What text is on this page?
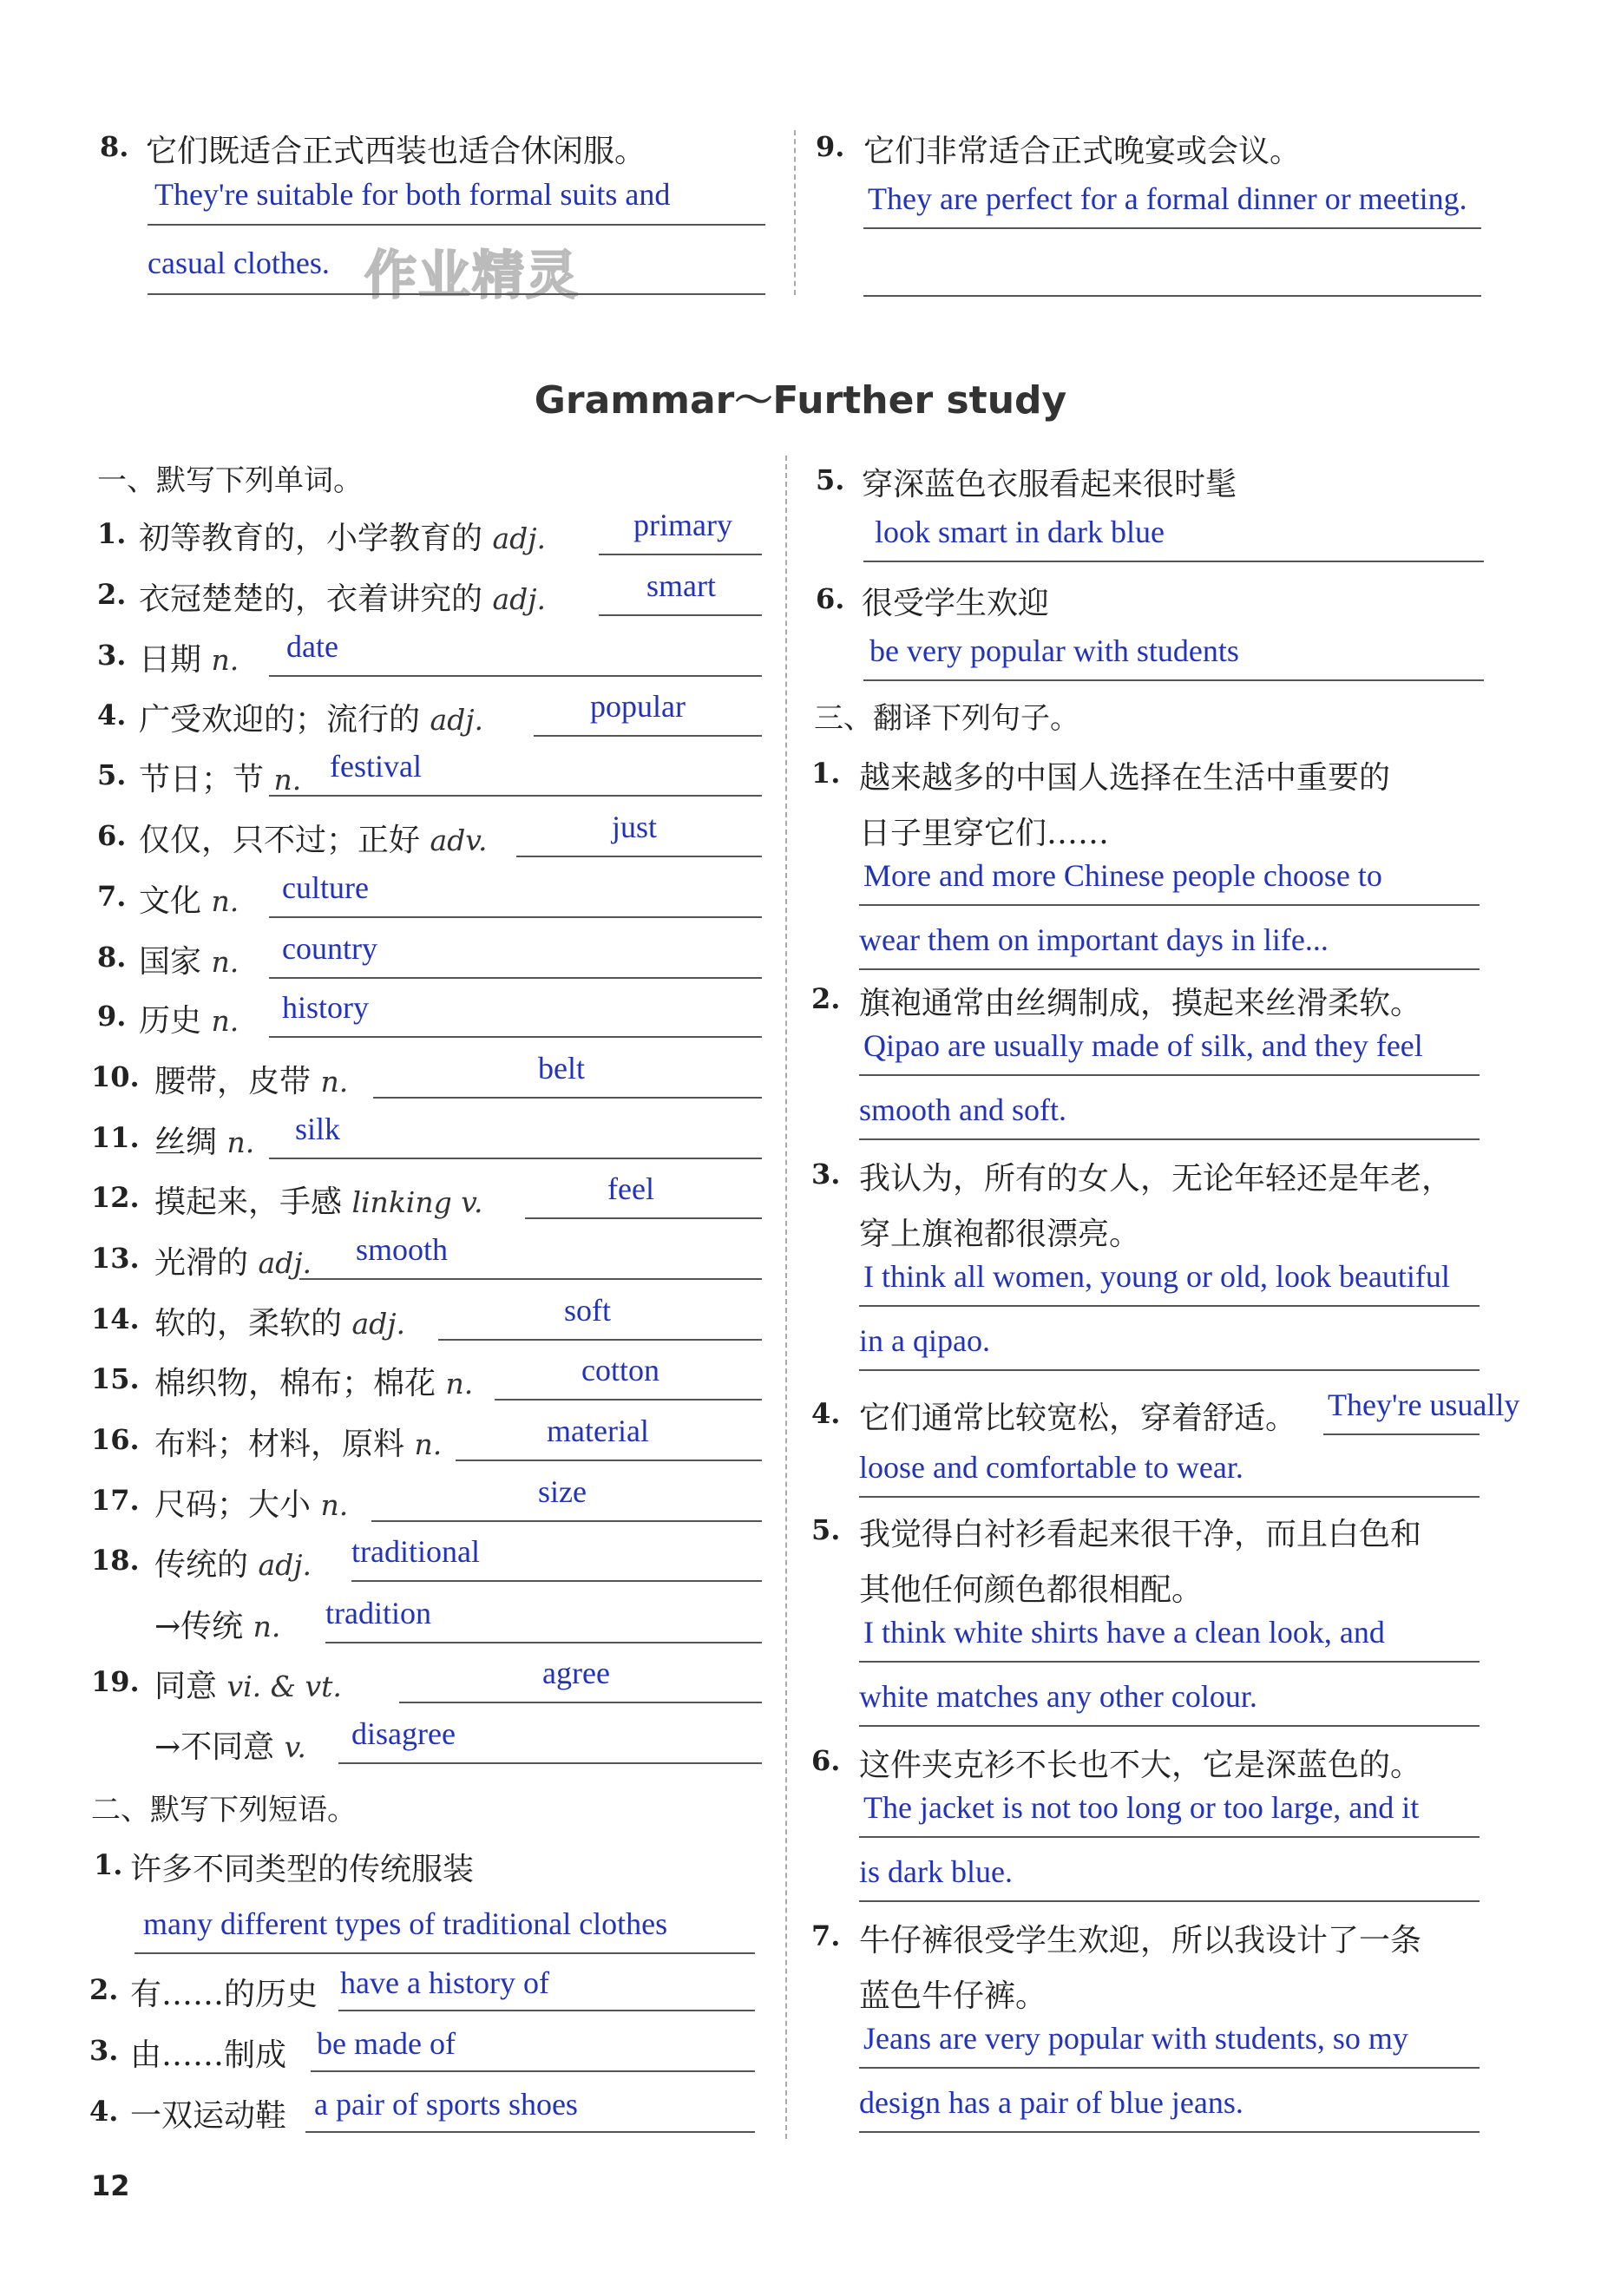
8. 它们既适合正式西装也适合休闲服。
They're suitable for both formal suits and
casual clothes. 作业精灵
9. 它们非常适合正式晚宴或会议。
They are perfect for a formal dinner or meeting.
Grammar～Further study
一、默写下列单词。
1. 初等教育的，小学教育的 adj.	primary
2. 衣冠楚楚的，衣着讲究的 adj.	smart
3. 日期 n. date
4. 广受欢迎的；流行的 adj.	popular
5. 节日；节 n. festival
6. 仅仅，只不过；正好 adv.	just
7. 文化 n. culture
8. 国家 n. country
9. 历史 n. history
10. 腰带，皮带 n.	belt
11. 丝绸 n. silk
12. 摸起来，手感 linking v.	feel
13. 光滑的 adj. smooth
14. 软的，柔软的 adj.	soft
15. 棉织物，棉布；棉花 n.	cotton
16. 布料；材料，原料 n.	material
17. 尺码；大小 n.	size
18. 传统的 adj. traditional
→传统 n. tradition
19. 同意 vi. & vt.	agree
→不同意 v. disagree
二、默写下列短语。
1. 许多不同类型的传统服装
many different types of traditional clothes
2. 有……的历史 have a history of
3. 由……制成 be made of
4. 一双运动鞋 a pair of sports shoes
5. 穿深蓝色衣服看起来很时髦
look smart in dark blue
6. 很受学生欢迎
be very popular with students
三、翻译下列句子。
1. 越来越多的中国人选择在生活中重要的
日子里穿它们……
More and more Chinese people choose to
wear them on important days in life...
2. 旗袍通常由丝绸制成，摸起来丝滑柔软。
Qipao are usually made of silk, and they feel
smooth and soft.
3. 我认为，所有的女人，无论年轻还是年老，
穿上旗袍都很漂亮。
I think all women, young or old, look beautiful
in a qipao.
4. 它们通常比较宽松，穿着舒适。 They're usually
loose and comfortable to wear.
5. 我觉得白衬衫看起来很干净，而且白色和
其他任何颜色都很相配。
I think white shirts have a clean look, and
white matches any other colour.
6. 这件夹克衫不长也不大，它是深蓝色的。
The jacket is not too long or too large, and it
is dark blue.
7. 牛仔裤很受学生欢迎，所以我设计了一条
蓝色牛仔裤。
Jeans are very popular with students, so my
design has a pair of blue jeans.
12
